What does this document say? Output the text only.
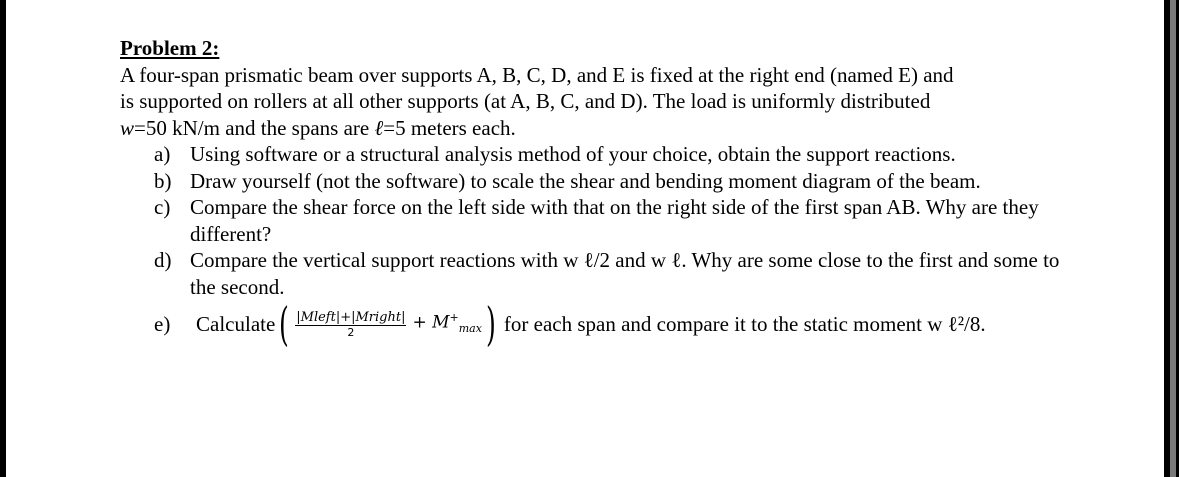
Problem 2:

A four-span prismatic beam over supports A, B, C, D, and E is fixed at the right end (named E) and

is supported on rollers at all other supports (at A, B, C, and D). The load is uniformly distributed

w=50 kN/m and the spans are ℓ=5 meters each.

a) Using software or a structural analysis method of your choice, obtain the support reactions.
b) Draw yourself (not the software) to scale the shear and bending moment diagram of the beam.
c) Compare the shear force on the left side with that on the right side of the first span AB. Why are they different?
d) Compare the vertical support reactions with w ℓ/2 and w ℓ. Why are some close to the first and some to the second.
e)	Calculate ( $\frac{\text{|Mleft|+|Mright|}}{2} + M^+_{max}$ ) for each span and compare it to the static moment w ℓ²/8.
